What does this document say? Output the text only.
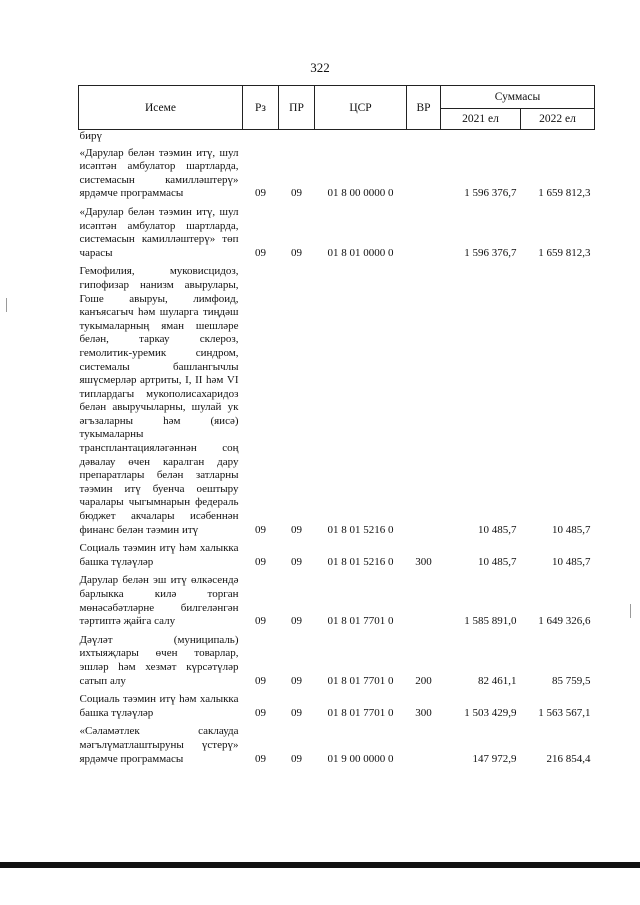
322
Исеме	Рз	ПР	ЦСР	ВР	Суммасы	
					2021 ел	2022 ел
бирү						
«Дарулар белән тәэмин итү, шул исәптән амбулатор шартларда, системасын камилләштерү» ярдәмче программасы	09	09	01 8 00 0000 0		1 596 376,7	1 659 812,3
«Дарулар белән тәэмин итү, шул исәптән амбулатор шартларда, системасын камилләштерү» төп чарасы	09	09	01 8 01 0000 0		1 596 376,7	1 659 812,3
Гемофилия, муковисцидоз, гипофизар нанизм авырулары, Гоше авыруы, лимфоид, канъясагыч һәм шуларга тиңдәш тукымаларның яман шешләре белән, таркау склероз, гемолитик-уремик синдром, системалы башлангычлы яшүсмерләр артриты, I, II һәм VI типлардагы мукополисахаридоз белән авыручыларны, шулай ук әгъзаларны һәм (яисә) тукымаларны трансплантацияләгәннән соң дәвалау өчен каралган дару препаратлары белән затларны тәэмин итү буенча оештыру чаралары чыгымнарын федераль бюджет акчалары исәбеннән финанс белән тәэмин итү	09	09	01 8 01 5216 0		10 485,7	10 485,7
Социаль тәэмин итү һәм халыкка башка түләүләр	09	09	01 8 01 5216 0	300	10 485,7	10 485,7
Дарулар белән эш итү өлкәсендә барлыкка килә торган мөнәсәбәтләрне билгеләнгән тәртиптә җайга салу	09	09	01 8 01 7701 0		1 585 891,0	1 649 326,6
Дәүләт (муниципаль) ихтыяҗлары өчен товарлар, эшләр һәм хезмәт күрсәтүләр сатып алу	09	09	01 8 01 7701 0	200	82 461,1	85 759,5
Социаль тәэмин итү һәм халыкка башка түләүләр	09	09	01 8 01 7701 0	300	1 503 429,9	1 563 567,1
«Сәламәтлек саклауда мәгълүматлаштыруны үстерү» ярдәмче программасы	09	09	01 9 00 0000 0		147 972,9	216 854,4
